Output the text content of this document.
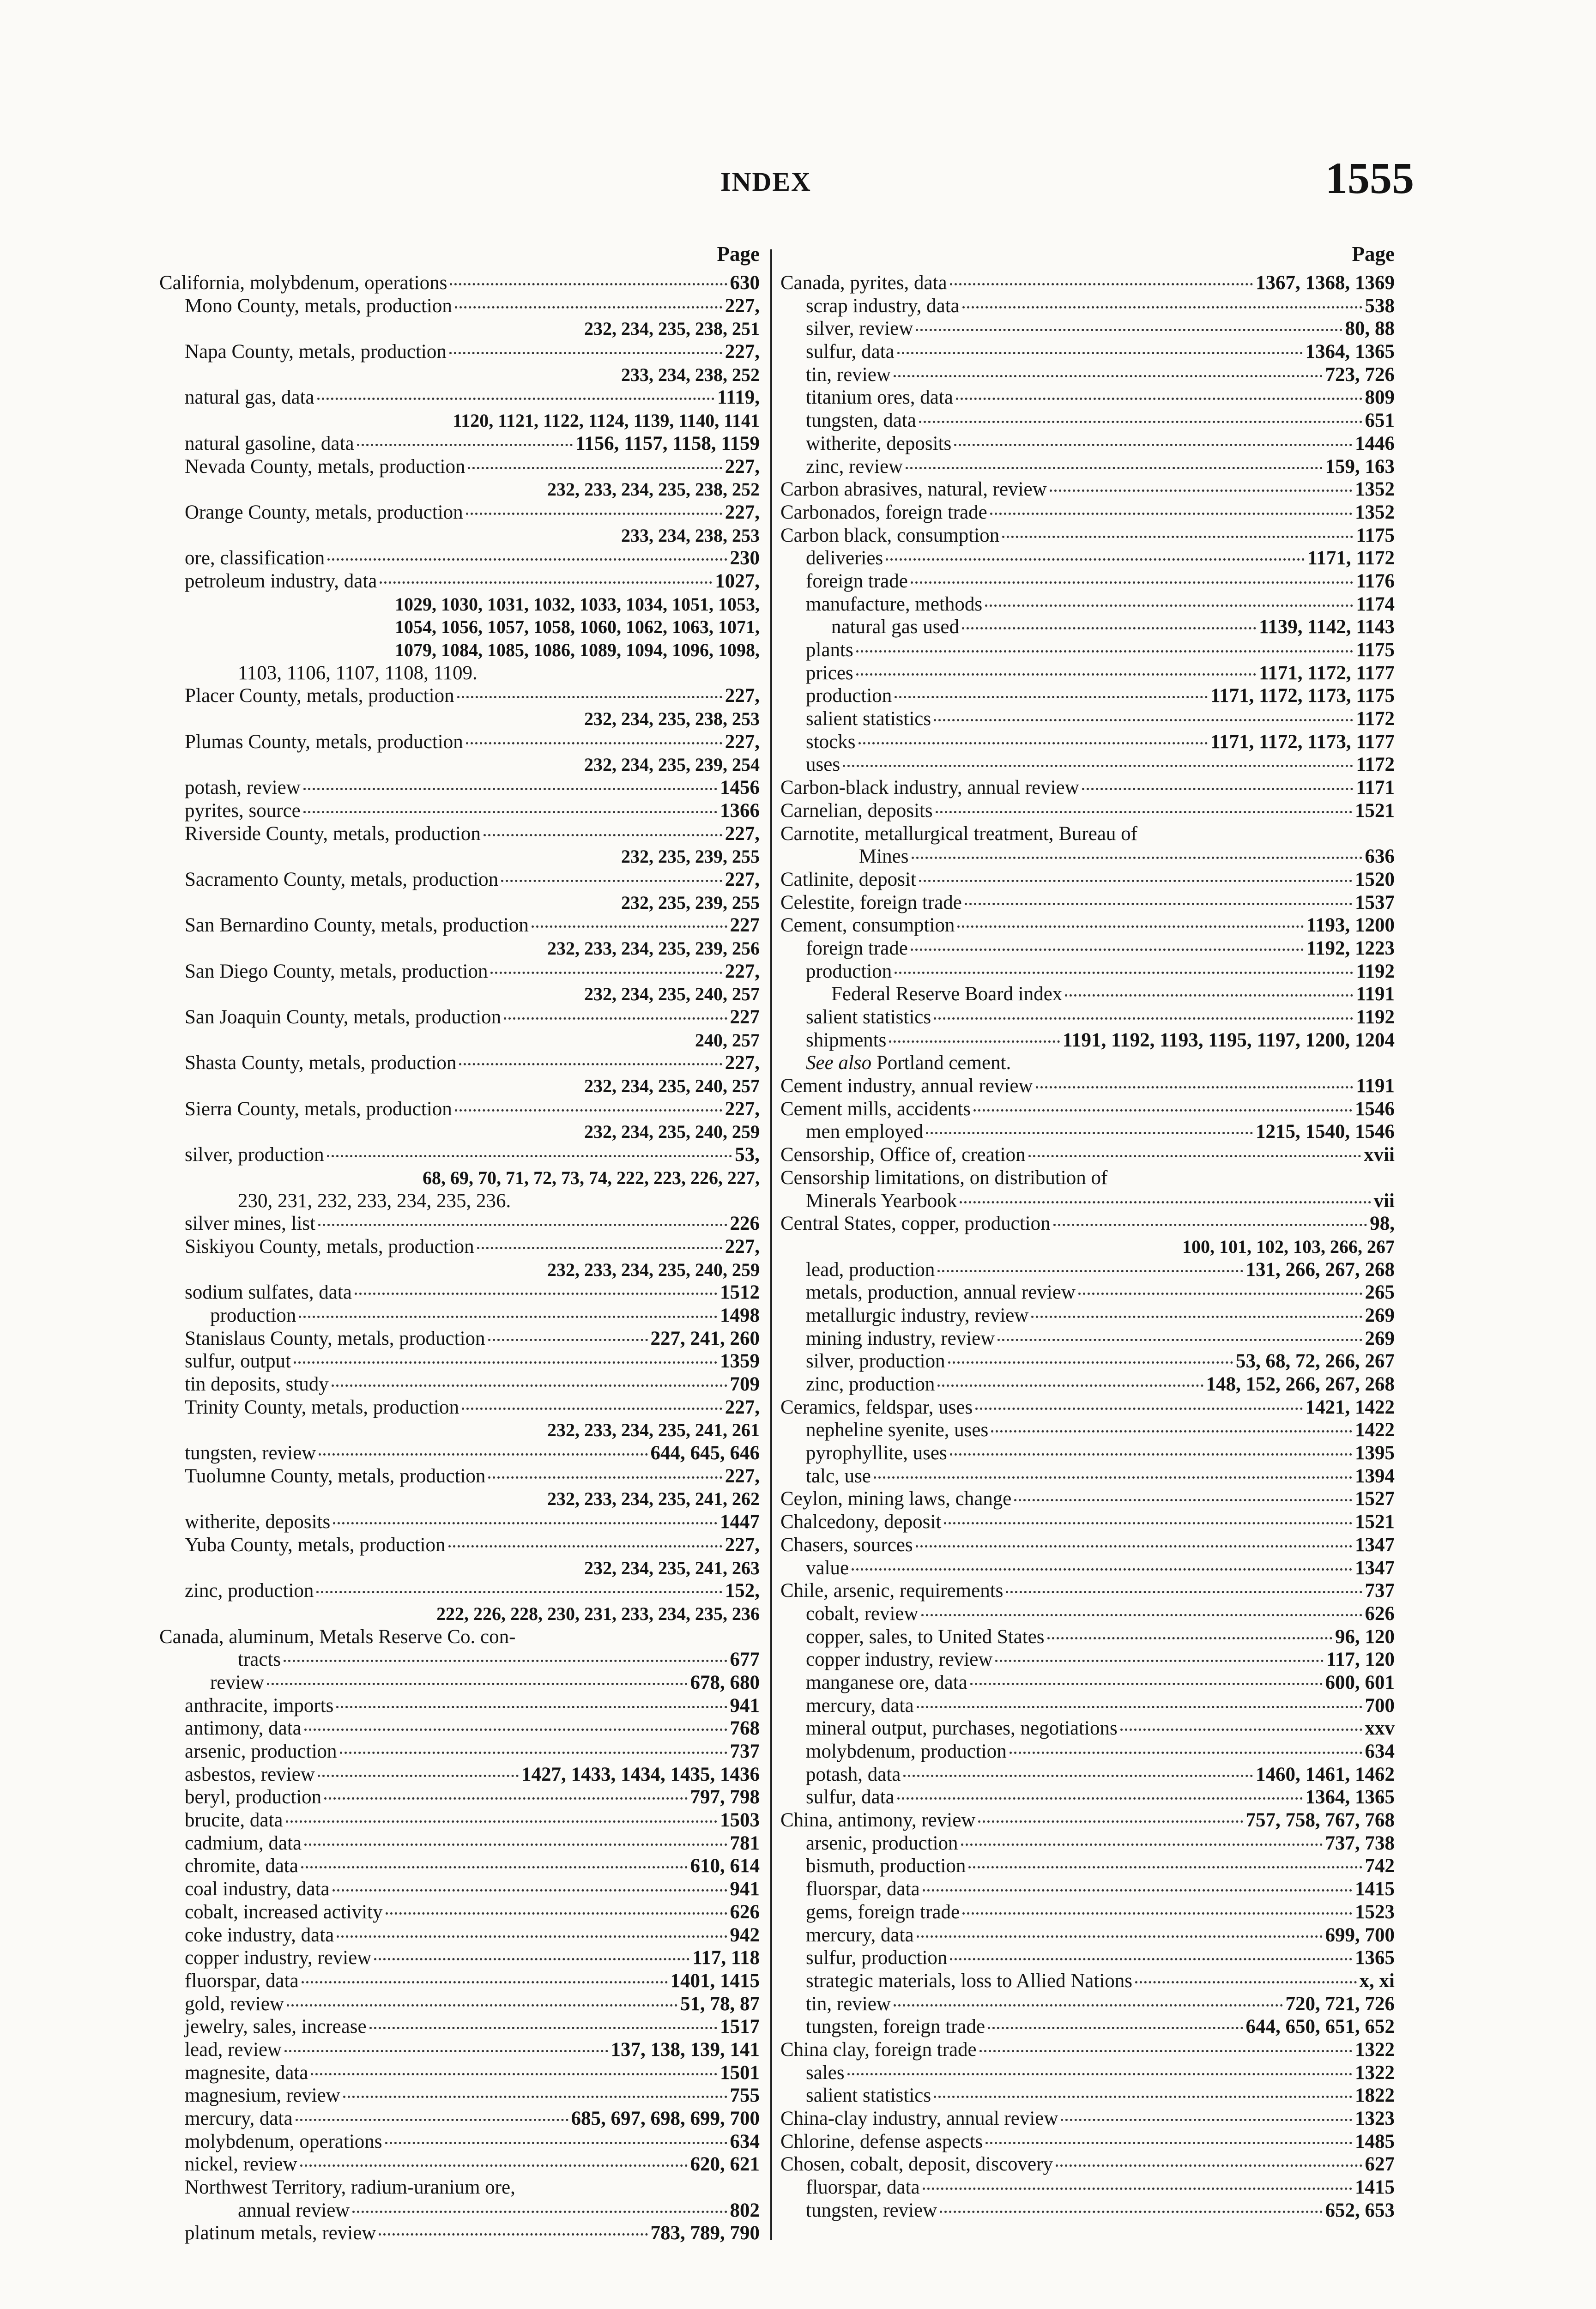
INDEX	1555
Page
California, molybdenum, operations	630
Mono County, metals, production	227,
232, 234, 235, 238, 251
Napa County, metals, production	227,
233, 234, 238, 252
natural gas, data	1119,
1120, 1121, 1122, 1124, 1139, 1140, 1141
natural gasoline, data	1156, 1157, 1158, 1159
Nevada County, metals, production	227,
232, 233, 234, 235, 238, 252
Orange County, metals, production	227,
233, 234, 238, 253
ore, classification	230
petroleum industry, data	1027,
1029, 1030, 1031, 1032, 1033, 1034, 1051, 1053,
1054, 1056, 1057, 1058, 1060, 1062, 1063, 1071,
1079, 1084, 1085, 1086, 1089, 1094, 1096, 1098,
1103, 1106, 1107, 1108, 1109.
Placer County, metals, production	227,
232, 234, 235, 238, 253
Plumas County, metals, production	227,
232, 234, 235, 239, 254
potash, review	1456
pyrites, source	1366
Riverside County, metals, production	227,
232, 235, 239, 255
Sacramento County, metals, production	227,
232, 235, 239, 255
San Bernardino County, metals, production	227
232, 233, 234, 235, 239, 256
San Diego County, metals, production	227,
232, 234, 235, 240, 257
San Joaquin County, metals, production	227
240, 257
Shasta County, metals, production	227,
232, 234, 235, 240, 257
Sierra County, metals, production	227,
232, 234, 235, 240, 259
silver, production	53,
68, 69, 70, 71, 72, 73, 74, 222, 223, 226, 227,
230, 231, 232, 233, 234, 235, 236.
silver mines, list	226
Siskiyou County, metals, production	227,
232, 233, 234, 235, 240, 259
sodium sulfates, data	1512
production	1498
Stanislaus County, metals, production	227, 241, 260
sulfur, output	1359
tin deposits, study	709
Trinity County, metals, production	227,
232, 233, 234, 235, 241, 261
tungsten, review	644, 645, 646
Tuolumne County, metals, production	227,
232, 233, 234, 235, 241, 262
witherite, deposits	1447
Yuba County, metals, production	227,
232, 234, 235, 241, 263
zinc, production	152,
222, 226, 228, 230, 231, 233, 234, 235, 236
Canada, aluminum, Metals Reserve Co. con-
tracts	677
review	678, 680
anthracite, imports	941
antimony, data	768
arsenic, production	737
asbestos, review	1427, 1433, 1434, 1435, 1436
beryl, production	797, 798
brucite, data	1503
cadmium, data	781
chromite, data	610, 614
coal industry, data	941
cobalt, increased activity	626
coke industry, data	942
copper industry, review	117, 118
fluorspar, data	1401, 1415
gold, review	51, 78, 87
jewelry, sales, increase	1517
lead, review	137, 138, 139, 141
magnesite, data	1501
magnesium, review	755
mercury, data	685, 697, 698, 699, 700
molybdenum, operations	634
nickel, review	620, 621
Northwest Territory, radium-uranium ore,
annual review	802
platinum metals, review	783, 789, 790
Page
Canada, pyrites, data	1367, 1368, 1369
scrap industry, data	538
silver, review	80, 88
sulfur, data	1364, 1365
tin, review	723, 726
titanium ores, data	809
tungsten, data	651
witherite, deposits	1446
zinc, review	159, 163
Carbon abrasives, natural, review	1352
Carbonados, foreign trade	1352
Carbon black, consumption	1175
deliveries	1171, 1172
foreign trade	1176
manufacture, methods	1174
natural gas used	1139, 1142, 1143
plants	1175
prices	1171, 1172, 1177
production	1171, 1172, 1173, 1175
salient statistics	1172
stocks	1171, 1172, 1173, 1177
uses	1172
Carbon-black industry, annual review	1171
Carnelian, deposits	1521
Carnotite, metallurgical treatment, Bureau of
Mines	636
Catlinite, deposit	1520
Celestite, foreign trade	1537
Cement, consumption	1193, 1200
foreign trade	1192, 1223
production	1192
Federal Reserve Board index	1191
salient statistics	1192
shipments	1191, 1192, 1193, 1195, 1197, 1200, 1204
See also Portland cement.
Cement industry, annual review	1191
Cement mills, accidents	1546
men employed	1215, 1540, 1546
Censorship, Office of, creation	xvii
Censorship limitations, on distribution of
Minerals Yearbook	vii
Central States, copper, production	98,
100, 101, 102, 103, 266, 267
lead, production	131, 266, 267, 268
metals, production, annual review	265
metallurgic industry, review	269
mining industry, review	269
silver, production	53, 68, 72, 266, 267
zinc, production	148, 152, 266, 267, 268
Ceramics, feldspar, uses	1421, 1422
nepheline syenite, uses	1422
pyrophyllite, uses	1395
talc, use	1394
Ceylon, mining laws, change	1527
Chalcedony, deposit	1521
Chasers, sources	1347
value	1347
Chile, arsenic, requirements	737
cobalt, review	626
copper, sales, to United States	96, 120
copper industry, review	117, 120
manganese ore, data	600, 601
mercury, data	700
mineral output, purchases, negotiations	xxv
molybdenum, production	634
potash, data	1460, 1461, 1462
sulfur, data	1364, 1365
China, antimony, review	757, 758, 767, 768
arsenic, production	737, 738
bismuth, production	742
fluorspar, data	1415
gems, foreign trade	1523
mercury, data	699, 700
sulfur, production	1365
strategic materials, loss to Allied Nations	x, xi
tin, review	720, 721, 726
tungsten, foreign trade	644, 650, 651, 652
China clay, foreign trade	1322
sales	1322
salient statistics	1822
China-clay industry, annual review	1323
Chlorine, defense aspects	1485
Chosen, cobalt, deposit, discovery	627
fluorspar, data	1415
tungsten, review	652, 653
